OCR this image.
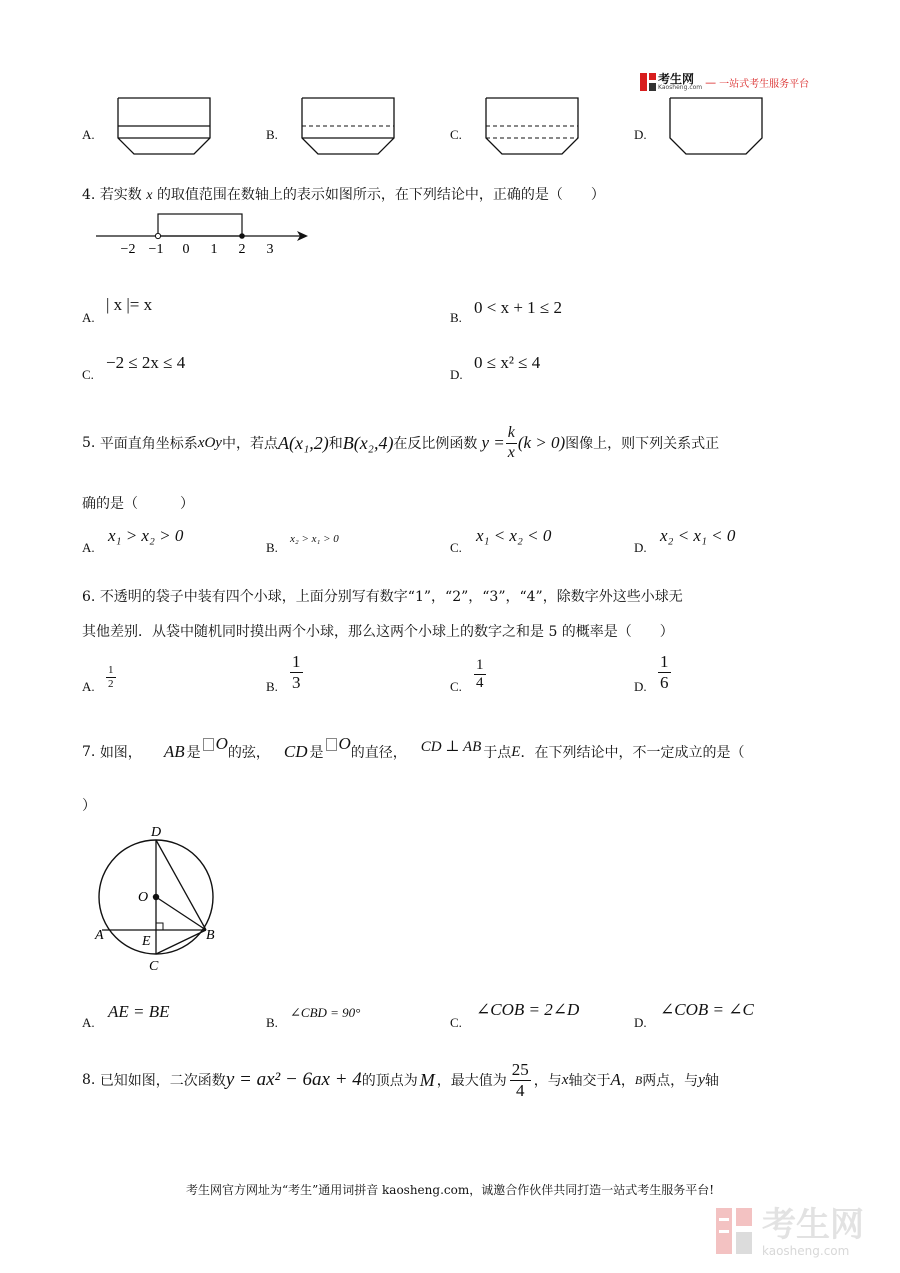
考生网
Kaosheng.com — 一站式考生服务平台
A.	B.	C.	D.
4. 若实数 x 的取值范围在数轴上的表示如图所示，在下列结论中，正确的是（　　）
−2 −1 0 1 2 3
A.
| x |= x
B.
0 < x + 1 ≤ 2
C.
−2 ≤ 2x ≤ 4
D.
0 ≤ x² ≤ 4
5.
平面直角坐标系 xOy 中，若点 A(x₁,2) 和 B(x₂,4) 在反比例函数 $y = \frac{k}{x} (k > 0)$ 图像上，则下列关系式正
确的是（　　　）
A.
x₁ > x₂ > 0
B.
x₂ > x₁ > 0
C.
x₁ < x₂ < 0
D.
x₂ < x₁ < 0
6. 不透明的袋子中装有四个小球，上面分别写有数字“1”，“2”，“3”，“4”，除数字外这些小球无
其他差别．从袋中随机同时摸出两个小球，那么这两个小球上的数字之和是 5 的概率是（　　）
A. $\frac{1}{2}$	B. $\frac{1}{3}$	C. $\frac{1}{4}$	D. $\frac{1}{6}$
7.
如图， AB 是 O 的弦， CD 是 O 的直径， CD ⊥ AB 于点 E ．在下列结论中，不一定成立的是（
）
D
O
A	E	B
C
A.
AE = BE
B.
∠CBD = 90°
C.
∠COB = 2∠D
D.
∠COB = ∠C
8.
已知如图，二次函数 y = ax² − 6ax + 4 的顶点为 M ，最大值为 $\frac{25}{4}$ ，与 x 轴交于 A ， B 两点，与 y 轴
考生网官方网址为“考生”通用词拼音 kaosheng.com，诚邀合作伙伴共同打造一站式考生服务平台!
考生网
kaosheng.com
